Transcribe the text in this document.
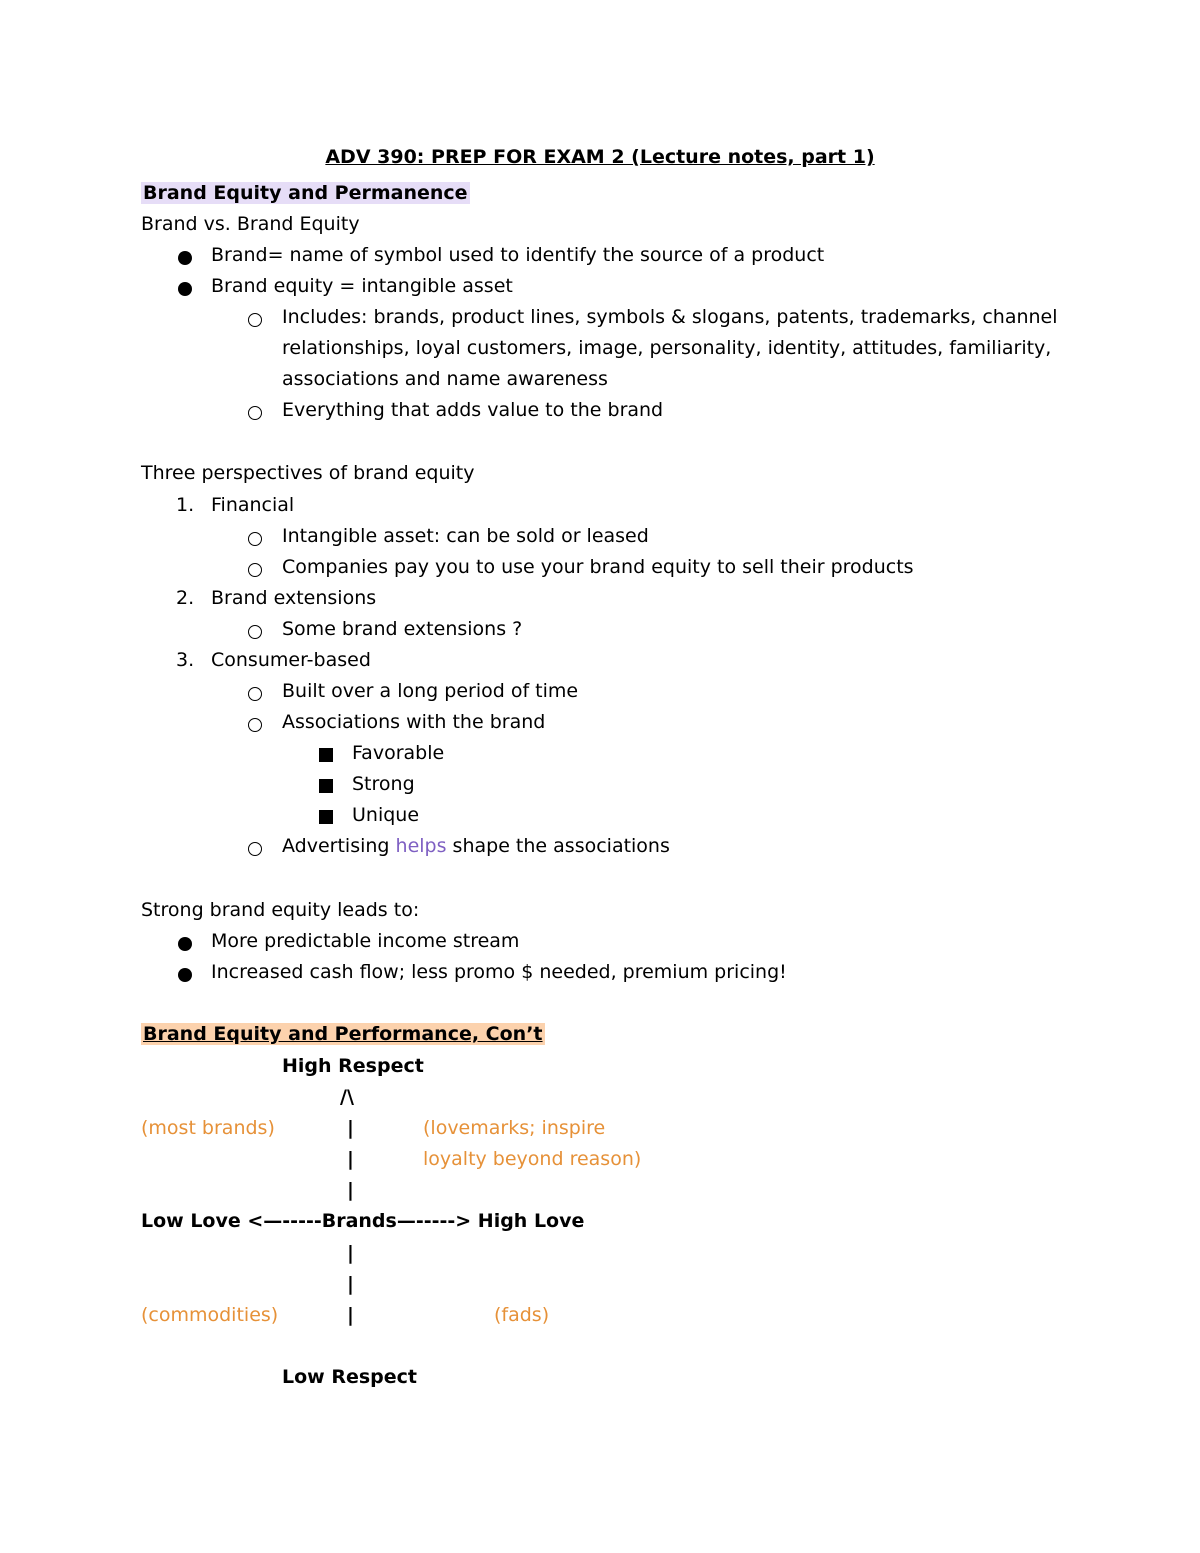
ADV 390: PREP FOR EXAM 2 (Lecture notes, part 1)
Brand Equity and Permanence
Brand vs. Brand Equity
Brand= name of symbol used to identify the source of a product
Brand equity = intangible asset
Includes: brands, product lines, symbols & slogans, patents, trademarks, channel
relationships, loyal customers, image, personality, identity, attitudes, familiarity,
associations and name awareness
Everything that adds value to the brand
Three perspectives of brand equity
1. Financial
Intangible asset: can be sold or leased
Companies pay you to use your brand equity to sell their products
2. Brand extensions
Some brand extensions ?
3. Consumer-based
Built over a long period of time
Associations with the brand
Favorable
Strong
Unique
Advertising helps shape the associations
Strong brand equity leads to:
More predictable income stream
Increased cash flow; less promo $ needed, premium pricing!
Brand Equity and Performance, Con’t
High Respect
/\
(most brands)	|	(lovemarks; inspire
|	loyalty beyond reason)
|
Low Love <—-----Brands—-----> High Love
|
|
(commodities)	|	(fads)
Low Respect
